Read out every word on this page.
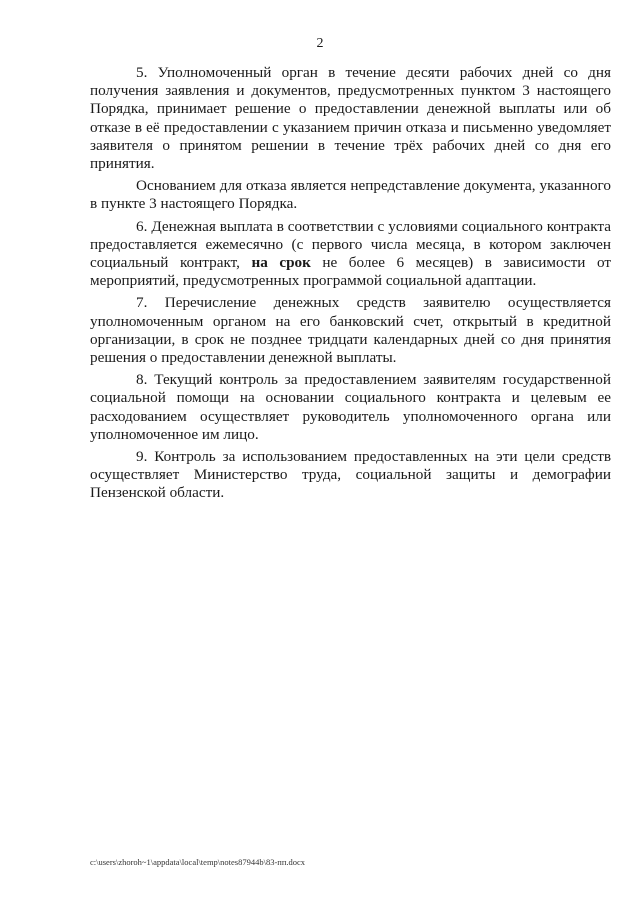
2

5. Уполномоченный орган в течение десяти рабочих дней со дня получения заявления и документов, предусмотренных пунктом 3 настоящего Порядка, принимает решение о предоставлении денежной выплаты или об отказе в её предоставлении с указанием причин отказа и письменно уведомляет заявителя о принятом решении в течение трёх рабочих дней со дня его принятия.

Основанием для отказа является непредставление документа, указанного в пункте 3 настоящего Порядка.

6. Денежная выплата в соответствии с условиями социального контракта предоставляется ежемесячно (с первого числа месяца, в котором заключен социальный контракт, на срок не более 6 месяцев) в зависимости от мероприятий, предусмотренных программой социальной адаптации.

7. Перечисление денежных средств заявителю осуществляется уполномоченным органом на его банковский счет, открытый в кредитной организации, в срок не позднее тридцати календарных дней со дня принятия решения о предоставлении денежной выплаты.

8. Текущий контроль за предоставлением заявителям государственной социальной помощи на основании социального контракта и целевым ее расходованием осуществляет руководитель уполномоченного органа или уполномоченное им лицо.

9. Контроль за использованием предоставленных на эти цели средств осуществляет Министерство труда, социальной защиты и демографии Пензенской области.

c:\users\zhoroh~1\appdata\local\temp\notes87944b\83-пп.docx
